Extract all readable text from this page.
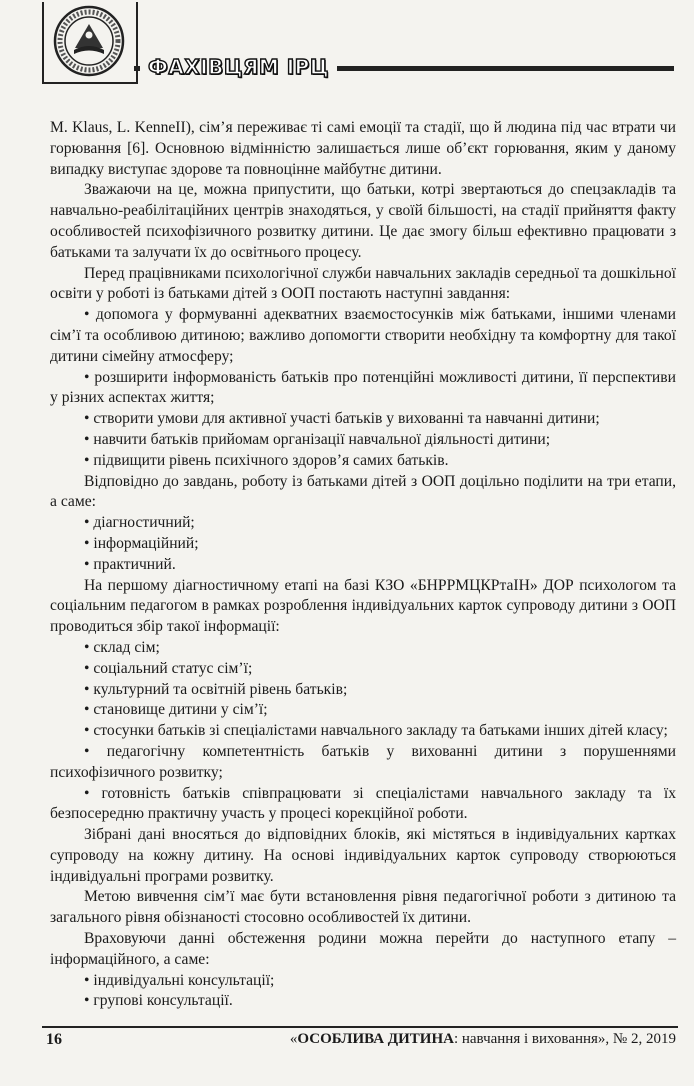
ФАХІВЦЯМ ІРЦ

M. Klaus, L. KenneII), сім’я переживає ті самі емоції та стадії, що й людина під час втрати чи горювання [6]. Основною відмінністю залишається лише об’єкт горювання, яким у даному випадку виступає здорове та повноцінне майбутнє дитини.

Зважаючи на це, можна припустити, що батьки, котрі звертаються до спецзакладів та навчально-реабілітаційних центрів знаходяться, у своїй більшості, на стадії прийняття факту особливостей психофізичного розвитку дитини. Це дає змогу більш ефективно працювати з батьками та залучати їх до освітнього процесу.

Перед працівниками психологічної служби навчальних закладів середньої та дошкільної освіти у роботі із батьками дітей з ООП постають наступні завдання:

• допомога у формуванні адекватних взаємостосунків між батьками, іншими членами сім’ї та особливою дитиною; важливо допомогти створити необхідну та комфортну для такої дитини сімейну атмосферу;

• розширити інформованість батьків про потенційні можливості дитини, її перспективи у різних аспектах життя;

• створити умови для активної участі батьків у вихованні та навчанні дитини;

• навчити батьків прийомам організації навчальної діяльності дитини;

• підвищити рівень психічного здоров’я самих батьків.

Відповідно до завдань, роботу із батьками дітей з ООП доцільно поділити на три етапи, а саме:

• діагностичний;

• інформаційний;

• практичний.

На першому діагностичному етапі на базі КЗО «БНРРМЦКРтаІН» ДОР психологом та соціальним педагогом в рамках розроблення індивідуальних карток супроводу дитини з ООП проводиться збір такої інформації:

• склад сім;

• соціальний статус сім’ї;

• культурний та освітній рівень батьків;

• становище дитини у сім’ї;

• стосунки батьків зі спеціалістами навчального закладу та батьками інших дітей класу;

• педагогічну компетентність батьків у вихованні дитини з порушеннями психофізичного розвитку;

• готовність батьків співпрацювати зі спеціалістами навчального закладу та їх безпосередню практичну участь у процесі корекційної роботи.

Зібрані дані вносяться до відповідних блоків, які містяться в індивідуальних картках супроводу на кожну дитину. На основі індивідуальних карток супроводу створюються індивідуальні програми розвитку.

Метою вивчення сім’ї має бути встановлення рівня педагогічної роботи з дитиною та загального рівня обізнаності стосовно особливостей їх дитини.

Враховуючи данні обстеження родини можна перейти до наступного етапу – інформаційного, а саме:

• індивідуальні консультації;

• групові консультації.

16	«ОСОБЛИВА ДИТИНА: навчання і виховання», № 2, 2019
